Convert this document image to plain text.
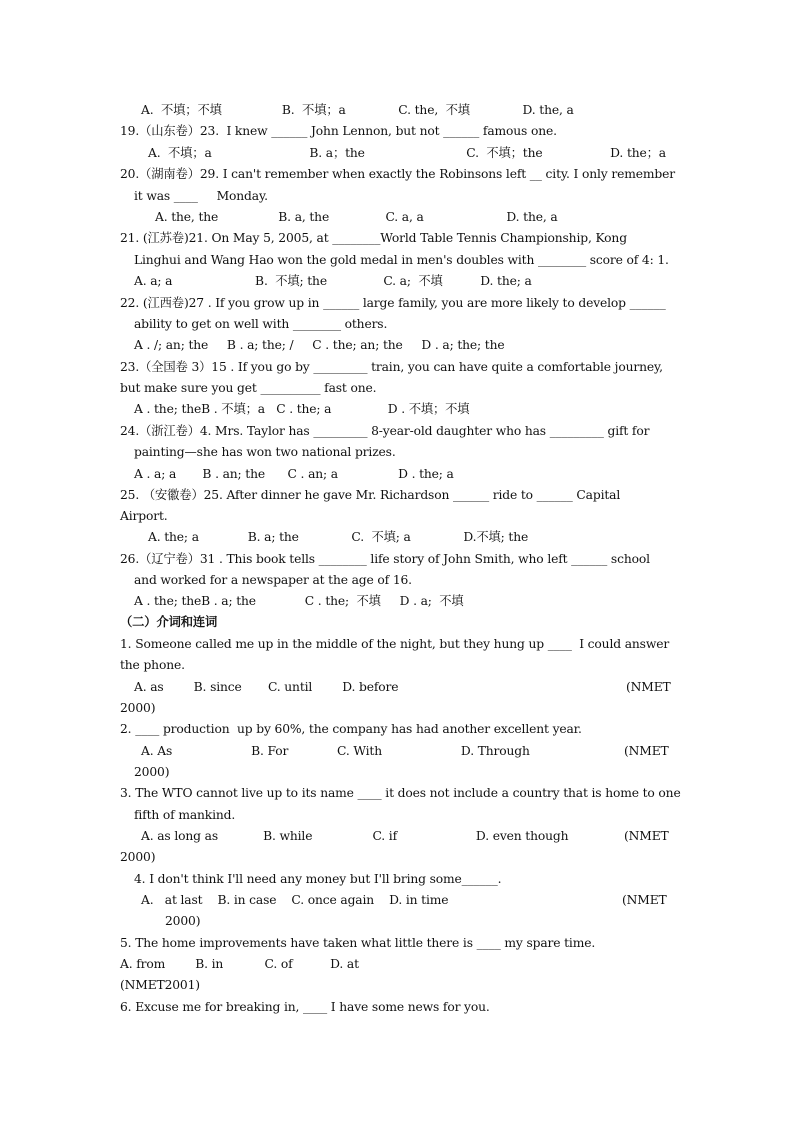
A.  不填；不填                B.  不填；a              C. the,  不填              D. the, a
19.（山东卷）23.  I knew ______ John Lennon, but not ______ famous one.
A.  不填；a                          B. a；the                           C.  不填；the                  D. the；a
20.（湖南卷）29. I can't remember when exactly the Robinsons left __ city. I only remember
it was ____     Monday.
A. the, the                B. a, the               C. a, a                      D. the, a
21. (江苏卷)21. On May 5, 2005, at ________World Table Tennis Championship, Kong
Linghui and Wang Hao won the gold medal in men's doubles with ________ score of 4: 1.
A. a; a                      B.  不填; the               C. a;  不填          D. the; a
22. (江西卷)27 . If you grow up in ______ large family, you are more likely to develop ______
ability to get on well with ________ others.
A . /; an; the     B . a; the; /     C . the; an; the     D . a; the; the
23.（全国卷 3）15 . If you go by _________ train, you can have quite a comfortable journey,
but make sure you get __________ fast one.
A . the; theB . 不填；a   C . the; a               D . 不填；不填
24.（浙江卷）4. Mrs. Taylor has _________ 8-year-old daughter who has _________ gift for
painting—she has won two national prizes.
A . a; a       B . an; the      C . an; a                D . the; a
25. （安徽卷）25. After dinner he gave Mr. Richardson ______ ride to ______ Capital
Airport.
A. the; a             B. a; the              C.  不填; a              D.不填; the
26.（辽宁卷）31 . This book tells ________ life story of John Smith, who left ______ school
and worked for a newspaper at the age of 16.
A . the; theB . a; the             C . the;  不填     D . a;  不填
（二）介词和连词
1. Someone called me up in the middle of the night, but they hung up ____  I could answer
the phone.
A. as        B. since       C. until        D. before	(NMET
2000)
2. ____ production  up by 60%, the company has had another excellent year.
A. As                     B. For             C. With                     D. Through	(NMET
2000)
3. The WTO cannot live up to its name ____ it does not include a country that is home to one
fifth of mankind.
A. as long as            B. while                C. if                     D. even though	(NMET
2000)
4. I don't think I'll need any money but I'll bring some______.
A.   at last    B. in case    C. once again    D. in time	(NMET
2000)
5. The home improvements have taken what little there is ____ my spare time.
A. from        B. in           C. of          D. at
(NMET2001)
6. Excuse me for breaking in, ____ I have some news for you.
